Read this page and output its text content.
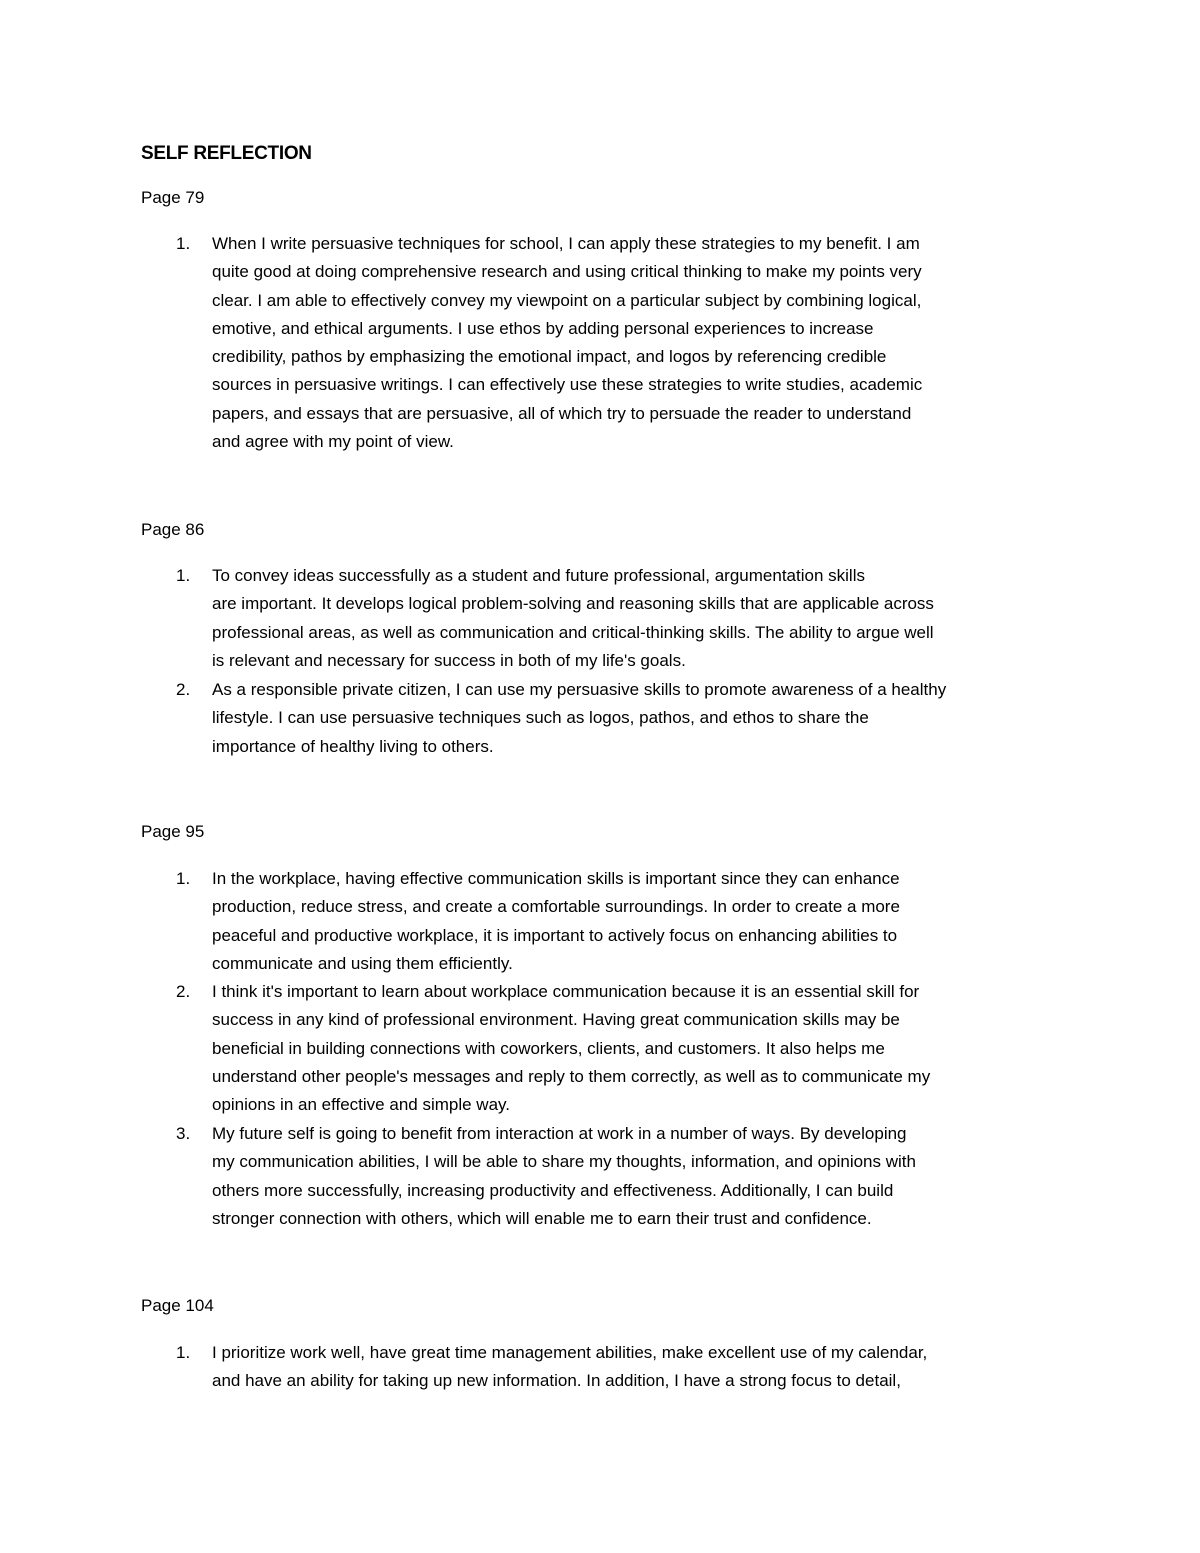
SELF REFLECTION
Page 79
1. When I write persuasive techniques for school, I can apply these strategies to my benefit. I am
quite good at doing comprehensive research and using critical thinking to make my points very
clear. I am able to effectively convey my viewpoint on a particular subject by combining logical,
emotive, and ethical arguments. I use ethos by adding personal experiences to increase
credibility, pathos by emphasizing the emotional impact, and logos by referencing credible
sources in persuasive writings. I can effectively use these strategies to write studies, academic
papers, and essays that are persuasive, all of which try to persuade the reader to understand
and agree with my point of view.
Page 86
1. To convey ideas successfully as a student and future professional, argumentation skills
are important. It develops logical problem-solving and reasoning skills that are applicable across
professional areas, as well as communication and critical-thinking skills. The ability to argue well
is relevant and necessary for success in both of my life's goals.
2. As a responsible private citizen, I can use my persuasive skills to promote awareness of a healthy
lifestyle. I can use persuasive techniques such as logos, pathos, and ethos to share the
importance of healthy living to others.
Page 95
1. In the workplace, having effective communication skills is important since they can enhance
production, reduce stress, and create a comfortable surroundings. In order to create a more
peaceful and productive workplace, it is important to actively focus on enhancing abilities to
communicate and using them efficiently.
2. I think it's important to learn about workplace communication because it is an essential skill for
success in any kind of professional environment. Having great communication skills may be
beneficial in building connections with coworkers, clients, and customers. It also helps me
understand other people's messages and reply to them correctly, as well as to communicate my
opinions in an effective and simple way.
3. My future self is going to benefit from interaction at work in a number of ways. By developing
my communication abilities, I will be able to share my thoughts, information, and opinions with
others more successfully, increasing productivity and effectiveness. Additionally, I can build
stronger connection with others, which will enable me to earn their trust and confidence.
Page 104
1. I prioritize work well, have great time management abilities, make excellent use of my calendar,
and have an ability for taking up new information. In addition, I have a strong focus to detail,
